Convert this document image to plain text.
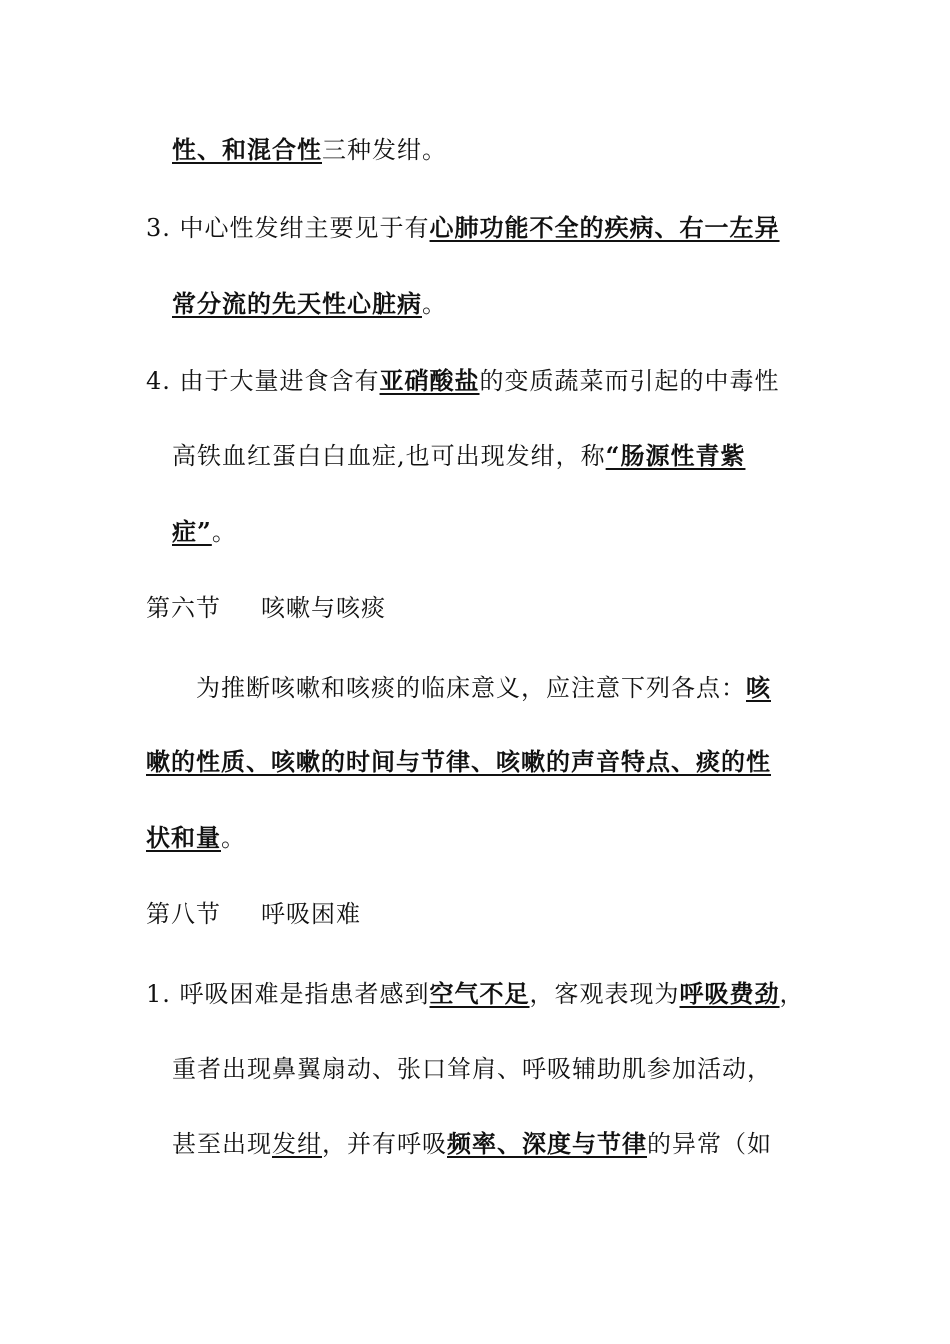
性、和混合性三种发绀。
3. 中心性发绀主要见于有心肺功能不全的疾病、右一左异
常分流的先天性心脏病。
4. 由于大量进食含有亚硝酸盐的变质蔬菜而引起的中毒性
高铁血红蛋白白血症,也可出现发绀，称“肠源性青紫
症”。
第六节 咳嗽与咳痰
为推断咳嗽和咳痰的临床意义，应注意下列各点：咳
嗽的性质、咳嗽的时间与节律、咳嗽的声音特点、痰的性
状和量。
第八节 呼吸困难
1. 呼吸困难是指患者感到空气不足，客观表现为呼吸费劲，
重者出现鼻翼扇动、张口耸肩、呼吸辅助肌参加活动，
甚至出现发绀，并有呼吸频率、深度与节律的异常（如
